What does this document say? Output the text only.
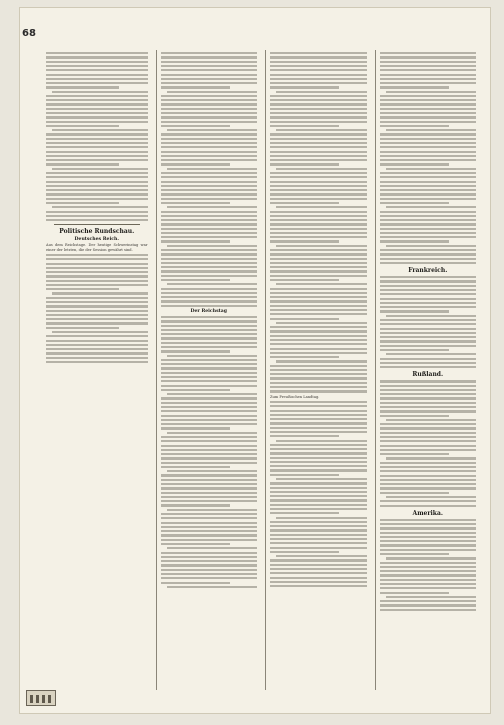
68
Politische Rundschau.
Deutsches Reich.
Aus dem Reichstage. Der heutige Schwerinstag war einer der letzten, die der Session gewährt sind.
Der Reichstag
Zum Preußischen Landtag.
Frankreich.
Rußland.
Amerika.
